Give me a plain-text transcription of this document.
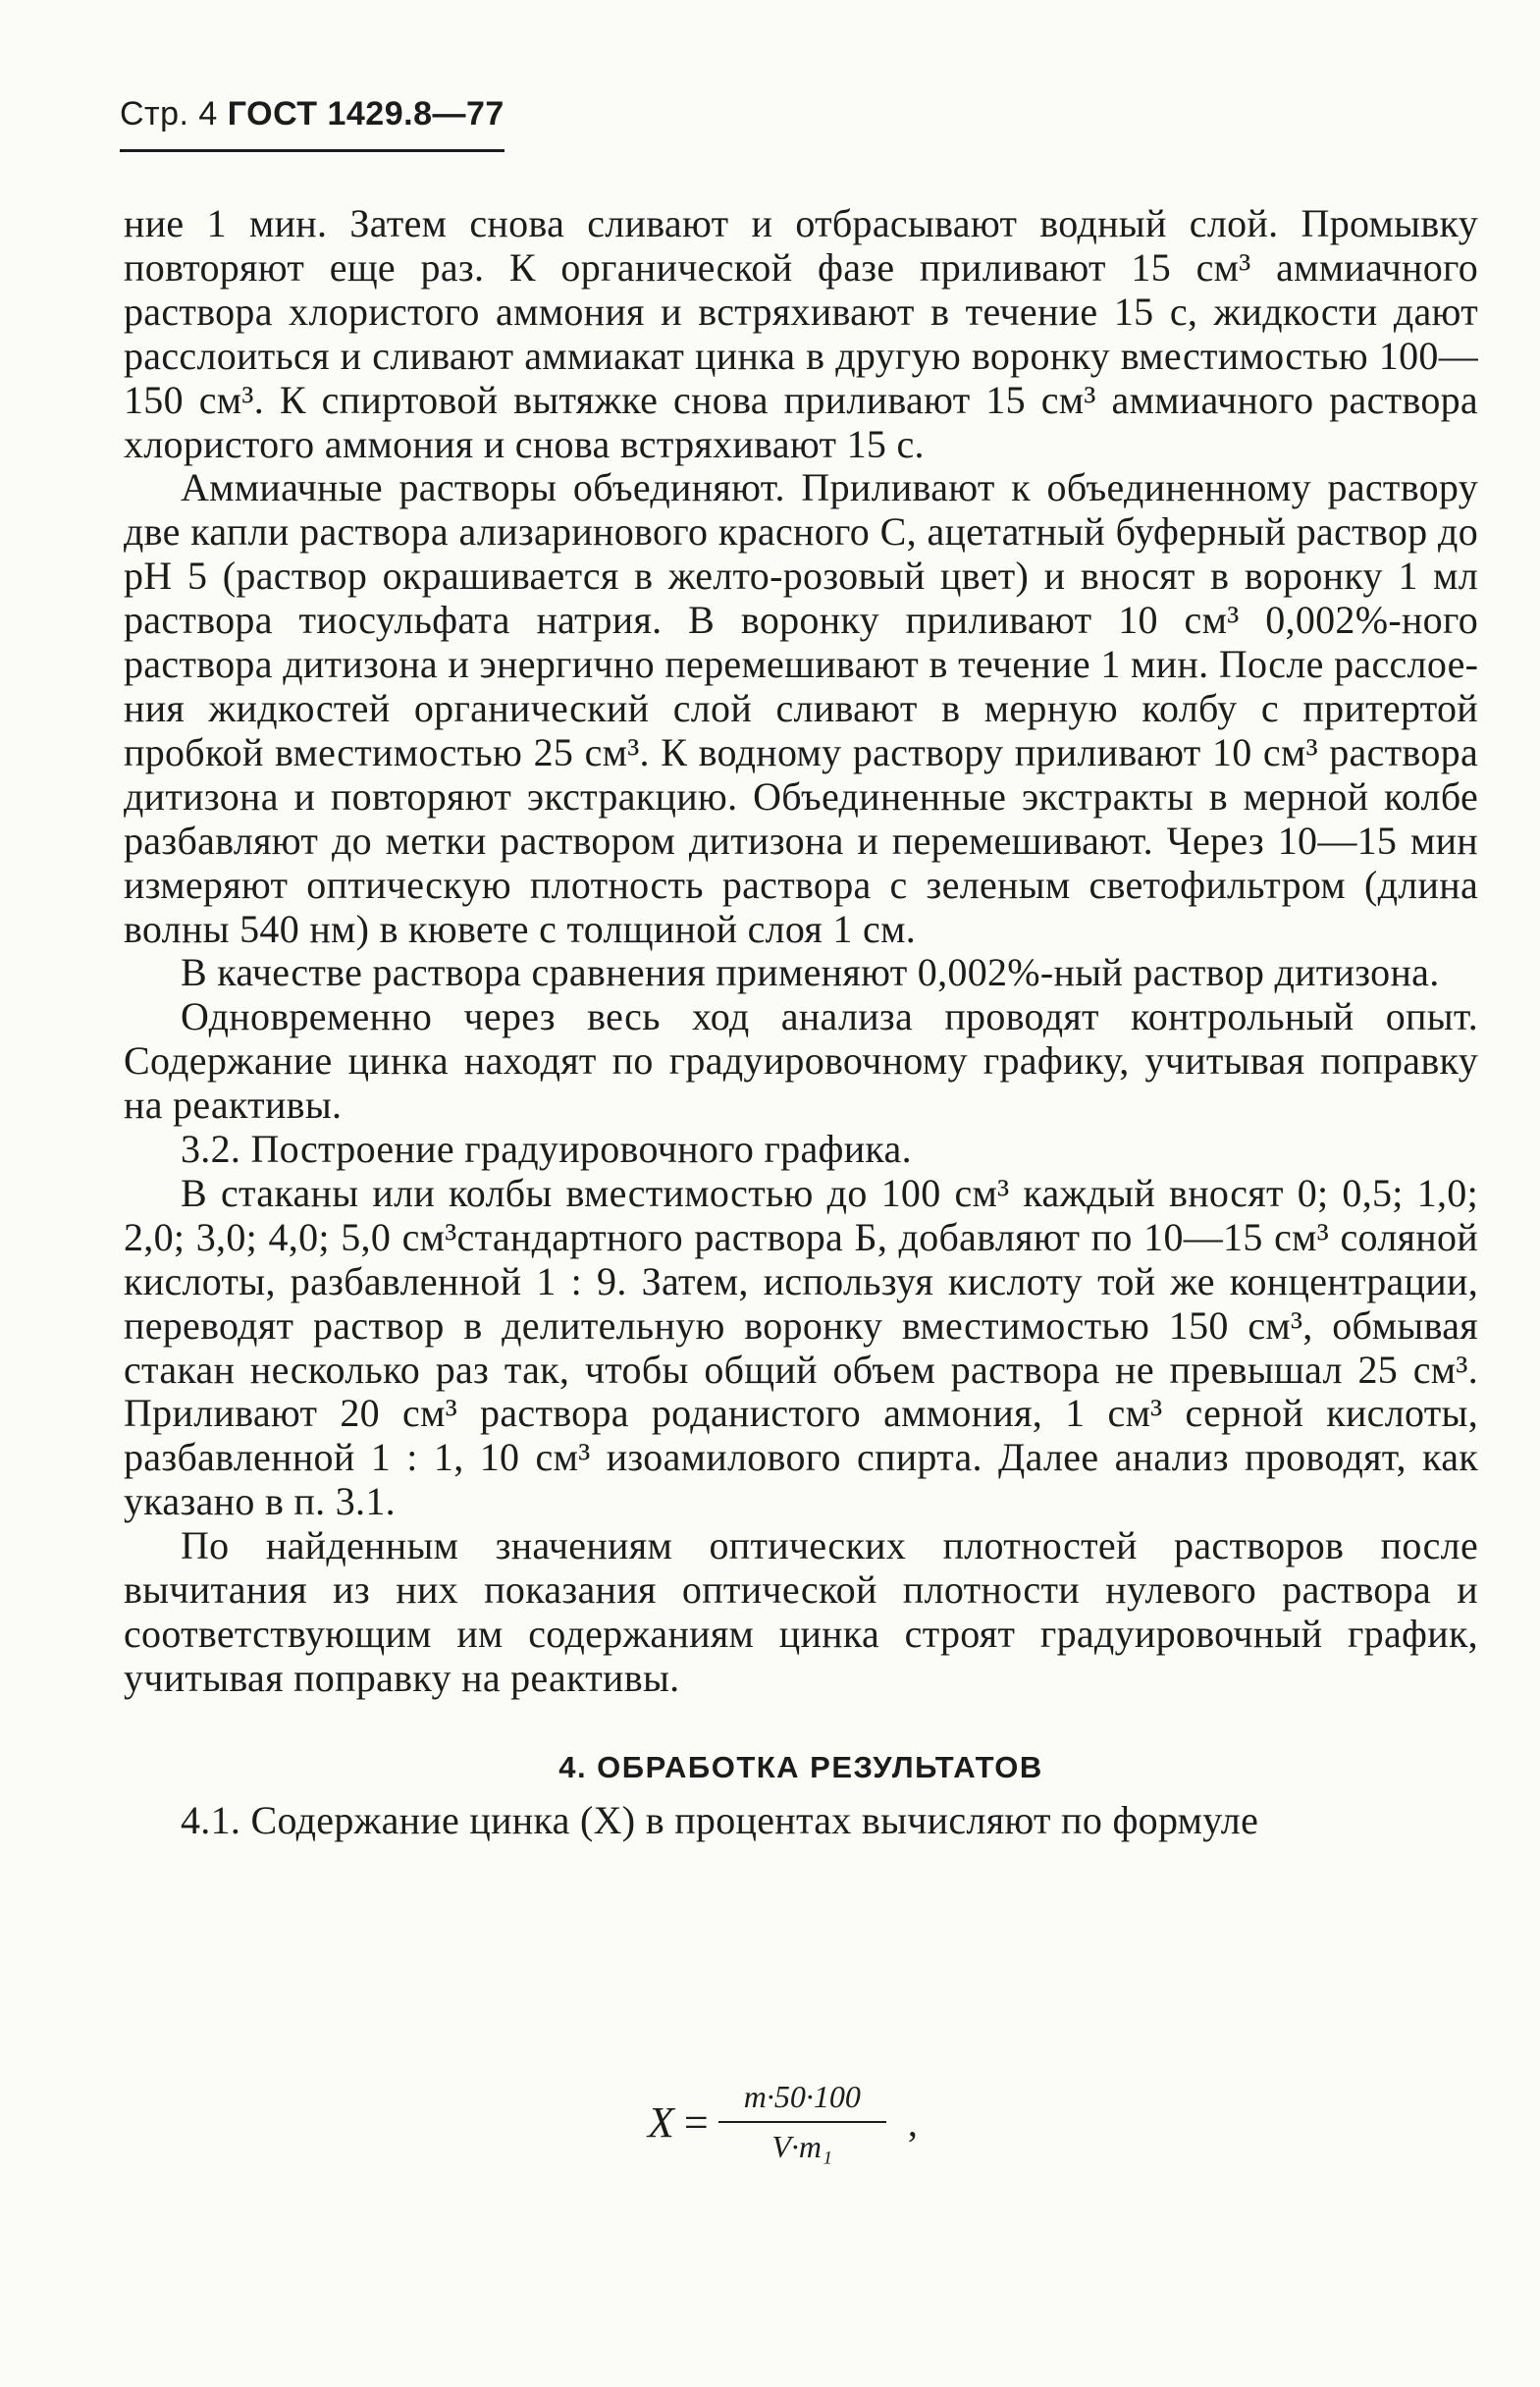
Стр. 4 ГОСТ 1429.8—77

ние 1 мин. Затем снова сливают и отбрасывают водный слой. Промывку повторяют еще раз. К органической фазе приливают 15 см³ аммиачного раствора хлористого аммония и встряхивают в течение 15 с, жидкости дают расслоиться и сливают аммиакат цинка в другую воронку вместимостью 100—150 см³. К спиртовой вытяжке снова приливают 15 см³ аммиачного раствора хлористого аммония и снова встряхивают 15 с.

Аммиачные растворы объединяют. Приливают к объединенному раствору две капли раствора ализаринового красного С, ацетатный буферный раствор до pH 5 (раствор окрашивается в желто-розовый цвет) и вносят в воронку 1 мл раствора тиосульфата натрия. В воронку приливают 10 см³ 0,002%-ного раствора дитизона и энергично перемешивают в течение 1 мин. После расслоения жидкостей органический слой сливают в мерную колбу с притертой пробкой вместимостью 25 см³. К водному раствору приливают 10 см³ раствора дитизона и повторяют экстракцию. Объединенные экстракты в мерной колбе разбавляют до метки раствором дитизона и перемешивают. Через 10—15 мин измеряют оптическую плотность раствора с зеленым светофильтром (длина волны 540 нм) в кювете с толщиной слоя 1 см.

В качестве раствора сравнения применяют 0,002%-ный раствор дитизона.

Одновременно через весь ход анализа проводят контрольный опыт. Содержание цинка находят по градуировочному графику, учитывая поправку на реактивы.

3.2. Построение градуировочного графика.

В стаканы или колбы вместимостью до 100 см³ каждый вносят 0; 0,5; 1,0; 2,0; 3,0; 4,0; 5,0 см³стандартного раствора Б, добавляют по 10—15 см³ соляной кислоты, разбавленной 1 : 9. Затем, используя кислоту той же концентрации, переводят раствор в делительную воронку вместимостью 150 см³, обмывая стакан несколько раз так, чтобы общий объем раствора не превышал 25 см³. Приливают 20 см³ раствора роданистого аммония, 1 см³ серной кислоты, разбавленной 1 : 1, 10 см³ изоамилового спирта. Далее анализ проводят, как указано в п. 3.1.

По найденным значениям оптических плотностей растворов после вычитания из них показания оптической плотности нулевого раствора и соответствующим им содержаниям цинка строят градуировочный график, учитывая поправку на реактивы.

4. ОБРАБОТКА РЕЗУЛЬТАТОВ

4.1. Содержание цинка (X) в процентах вычисляют по формуле

$X = \frac{m\cdot 50\cdot 100}{\text{V·m₁}}$ ,
